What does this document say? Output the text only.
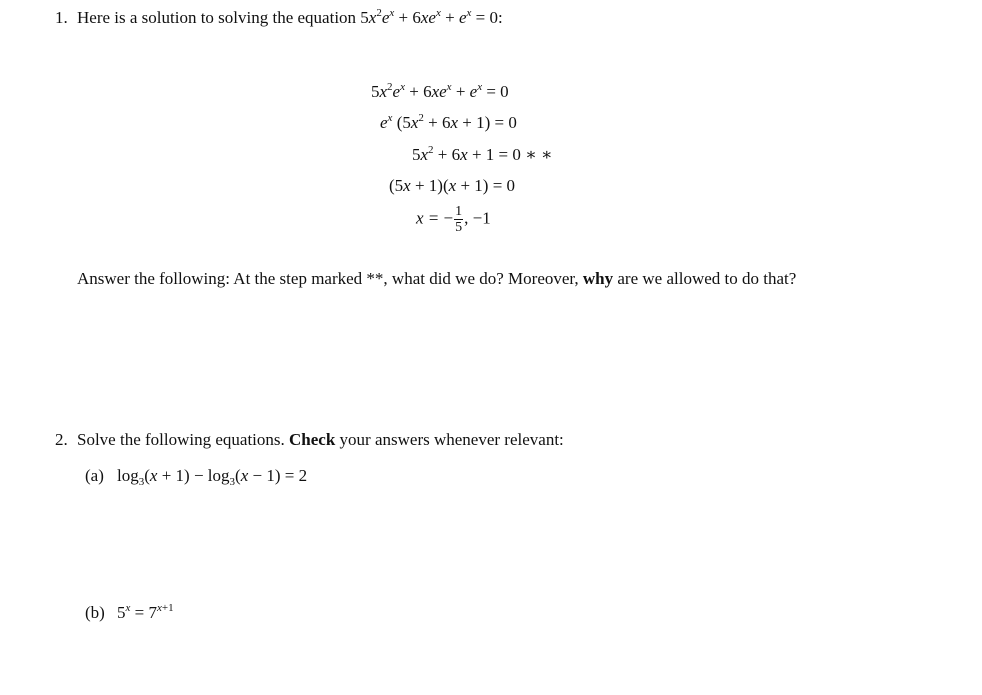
1. Here is a solution to solving the equation $5x^2e^x + 6xe^x + e^x = 0$:
$5x^2e^x + 6xe^x + e^x = 0$
$e^x$ $(5x^2 + 6x + 1) = 0$
$5x^2 + 6x + 1 = 0$ ∗ ∗
(5x + 1)(x + 1) = 0
x = − $\frac{1}{5}$ , −1
Answer the following: At the step marked **, what did we do? Moreover, why are we allowed to do that?
2. Solve the following equations. Check your answers whenever relevant:
(a) $\log_3(x + 1) - \log_3(x - 1) = 2$
(b) $5^x = 7^{x+1}$
